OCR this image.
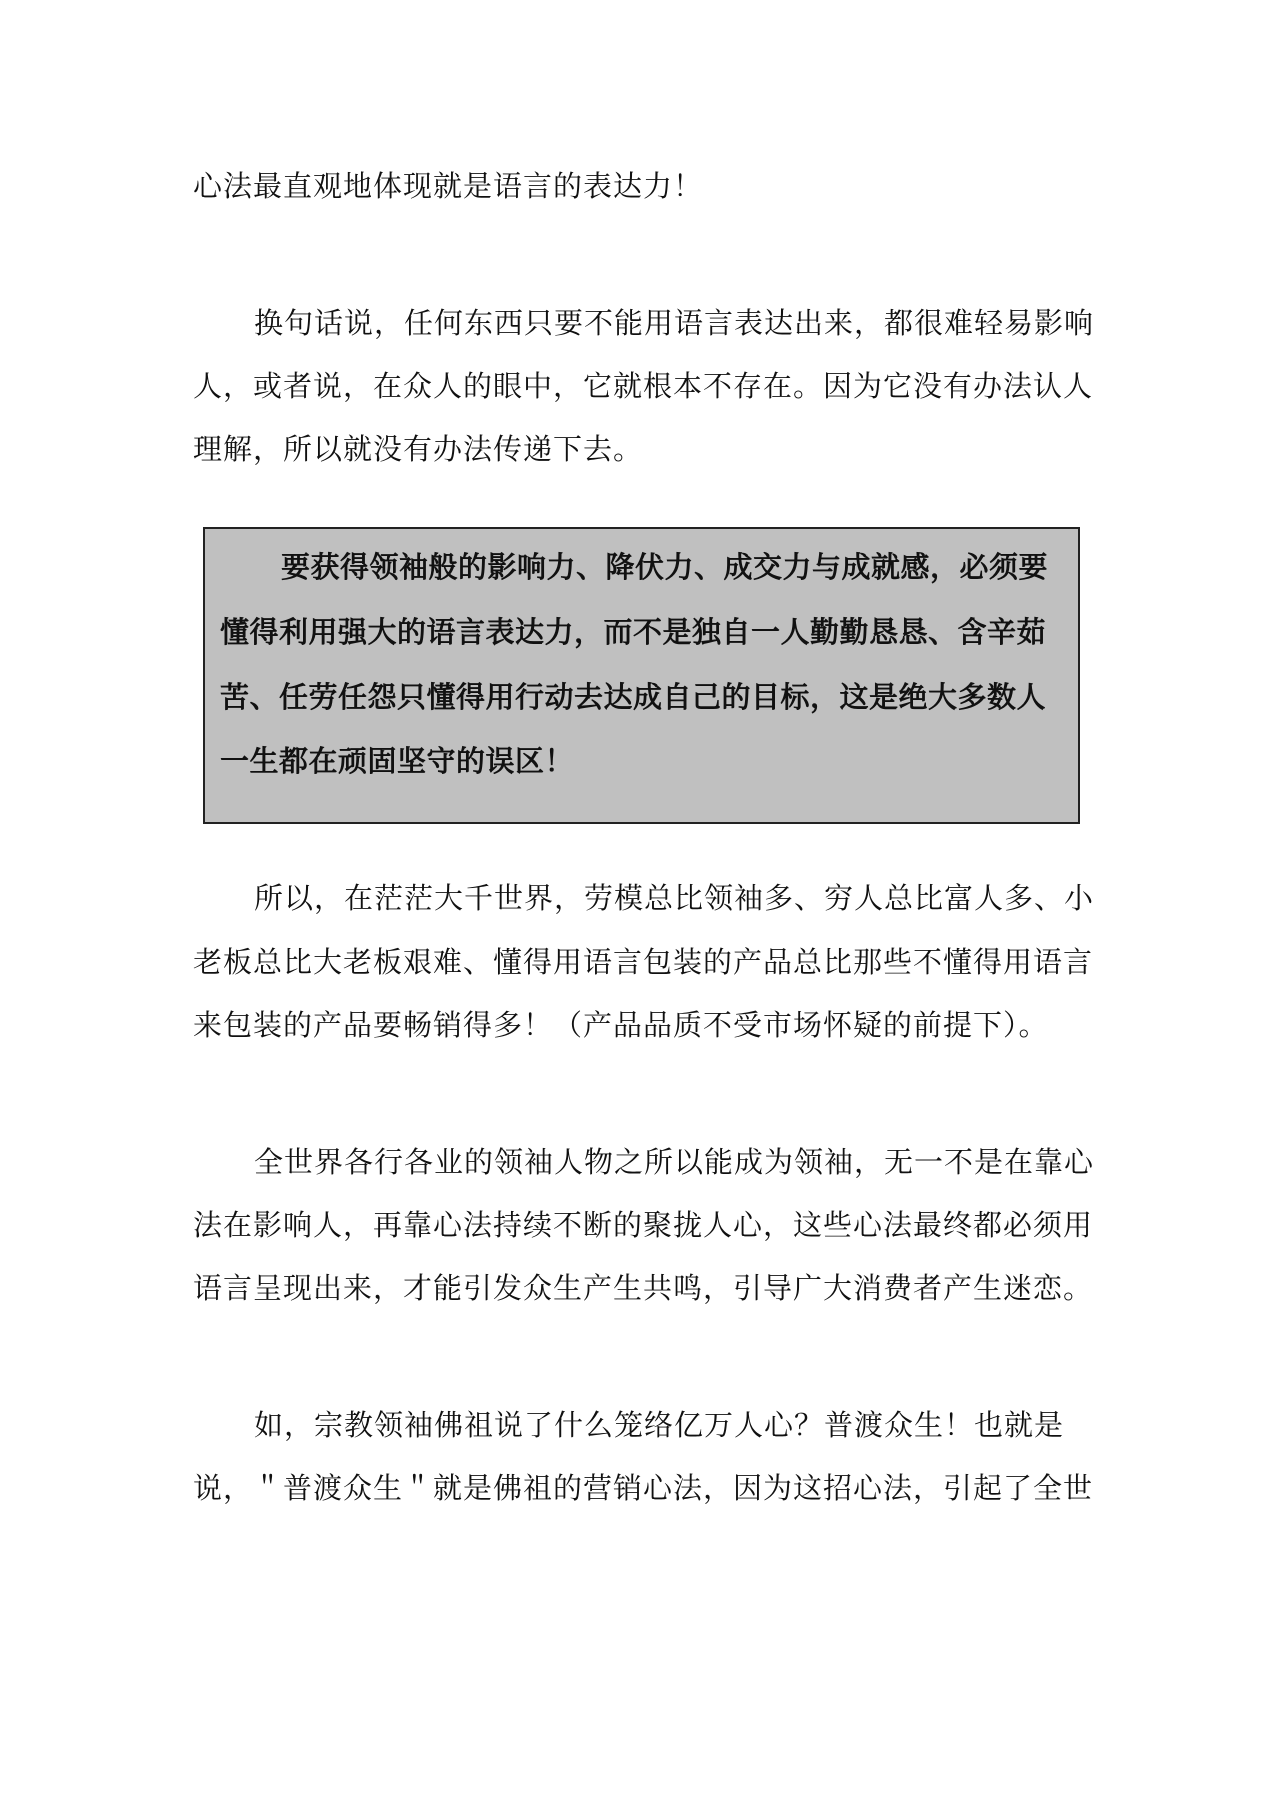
心法最直观地体现就是语言的表达力！
换句话说，任何东西只要不能用语言表达出来，都很难轻易影响
人，或者说，在众人的眼中，它就根本不存在。因为它没有办法认人
理解，所以就没有办法传递下去。
要获得领袖般的影响力、降伏力、成交力与成就感，必须要
懂得利用强大的语言表达力，而不是独自一人勤勤恳恳、含辛茹
苦、任劳任怨只懂得用行动去达成自己的目标，这是绝大多数人
一生都在顽固坚守的误区！
所以，在茫茫大千世界，劳模总比领袖多、穷人总比富人多、小
老板总比大老板艰难、懂得用语言包装的产品总比那些不懂得用语言
来包装的产品要畅销得多！（产品品质不受市场怀疑的前提下）。
全世界各行各业的领袖人物之所以能成为领袖，无一不是在靠心
法在影响人，再靠心法持续不断的聚拢人心，这些心法最终都必须用
语言呈现出来，才能引发众生产生共鸣，引导广大消费者产生迷恋。
如，宗教领袖佛祖说了什么笼络亿万人心？普渡众生！也就是
说，＂普渡众生＂就是佛祖的营销心法，因为这招心法，引起了全世
